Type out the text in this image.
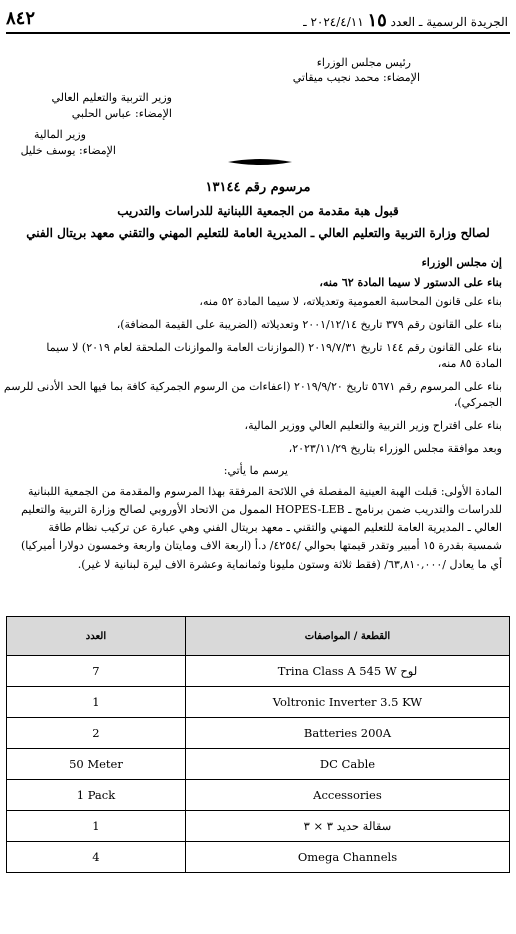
٨٤٢	الجريدة الرسمية ـ العدد ١٥ ٢٠٢٤/٤/١١ ـ
رئيس مجلس الوزراء
الإمضاء: محمد نجيب ميقاتي
وزير التربية والتعليم العالي
الإمضاء: عباس الحلبي
وزير المالية
الإمضاء: يوسف خليل
مرسوم رقم ١٣١٤٤
قبول هبة مقدمة من الجمعية اللبنانية للدراسات والتدريب
لصالح وزارة التربية والتعليم العالي ـ المديرية العامة للتعليم المهني والتقني معهد بريتال الفني
إن مجلس الوزراء
بناء على الدستور لا سيما المادة ٦٢ منه،
بناء على قانون المحاسبة العمومية وتعديلاته، لا سيما المادة ٥٢ منه،
بناء على القانون رقم ٣٧٩ تاريخ ٢٠٠١/١٢/١٤ وتعديلاته (الضريبة على القيمة المضافة)،
بناء على القانون رقم ١٤٤ تاريخ ٢٠١٩/٧/٣١ (الموازنات العامة والموازنات الملحقة لعام ٢٠١٩) لا سيما
المادة ٨٥ منه،
بناء على المرسوم رقم ٥٦٧١ تاريخ ٢٠١٩/٩/٢٠ (اعفاءات من الرسوم الجمركية كافة بما فيها الحد الأدنى للرسم
الجمركي)،
بناء على اقتراح وزير التربية والتعليم العالي ووزير المالية،
وبعد موافقة مجلس الوزراء بتاريخ ٢٠٢٣/١١/٢٩،
يرسم ما يأتي:
المادة الأولى: قبلت الهبة العينية المفصلة في اللائحة المرفقة بهذا المرسوم والمقدمة من الجمعية اللبنانية
للدراسات والتدريب ضمن برنامج ـ HOPES-LEB الممول من الاتحاد الأوروبي لصالح وزارة التربية والتعليم
العالي ـ المديرية العامة للتعليم المهني والتقني ـ معهد بريتال الفني وهي عبارة عن تركيب نظام طاقة
شمسية بقدرة ١٥ أمبير وتقدر قيمتها بحوالي /٤٢٥٤/ د.أ (اربعة الاف ومايتان واربعة وخمسون دولارا أميركيا)
أي ما يعادل /٦٣,٨١٠,٠٠٠/ (فقط ثلاثة وستون مليونا وثمانماية وعشرة الاف ليرة لبنانية لا غير).
القطعة / المواصفات	العدد
لوح Trina Class A 545 W	7
Voltronic Inverter 3.5 KW	1
Batteries 200A	2
DC Cable	50 Meter
Accessories	1 Pack
سقالة حديد ٣ × ٣	1
Omega Channels	4
